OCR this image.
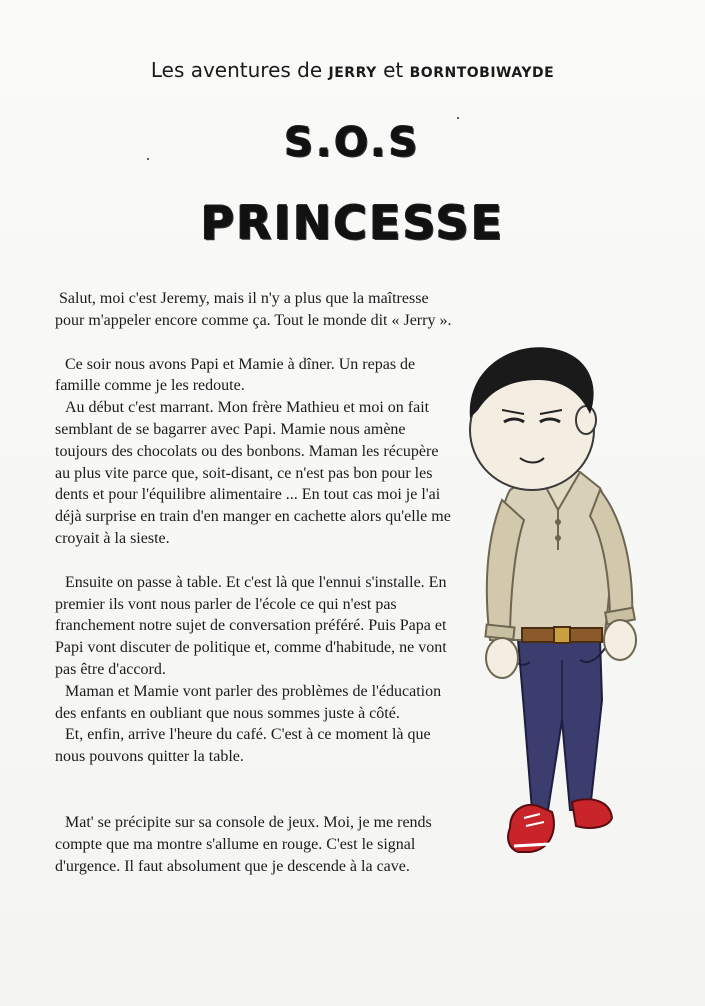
Les aventures de JERRY et BORNTOBIWAYDE
S.O.S
PRINCESSE

Salut, moi c'est Jeremy, mais il n'y a plus que la maîtresse pour m'appeler encore comme ça. Tout le monde dit « Jerry ».

Ce soir nous avons Papi et Mamie à dîner. Un repas de famille comme je les redoute.

Au début c'est marrant. Mon frère Mathieu et moi on fait semblant de se bagarrer avec Papi. Mamie nous amène toujours des chocolats ou des bonbons. Maman les récupère au plus vite parce que, soit-disant, ce n'est pas bon pour les dents et pour l'équilibre alimentaire ... En tout cas moi je l'ai déjà surprise en train d'en manger en cachette alors qu'elle me croyait à la sieste.

Ensuite on passe à table. Et c'est là que l'ennui s'installe. En premier ils vont nous parler de l'école ce qui n'est pas franchement notre sujet de conversation préféré. Puis Papa et Papi vont discuter de politique et, comme d'habitude, ne vont pas être d'accord.

Maman et Mamie vont parler des problèmes de l'éducation des enfants en oubliant que nous sommes juste à côté.

Et, enfin, arrive l'heure du café. C'est à ce moment là que nous pouvons quitter la table.

Mat' se précipite sur sa console de jeux. Moi, je me rends compte que ma montre s'allume en rouge. C'est le signal d'urgence. Il faut absolument que je descende à la cave.
